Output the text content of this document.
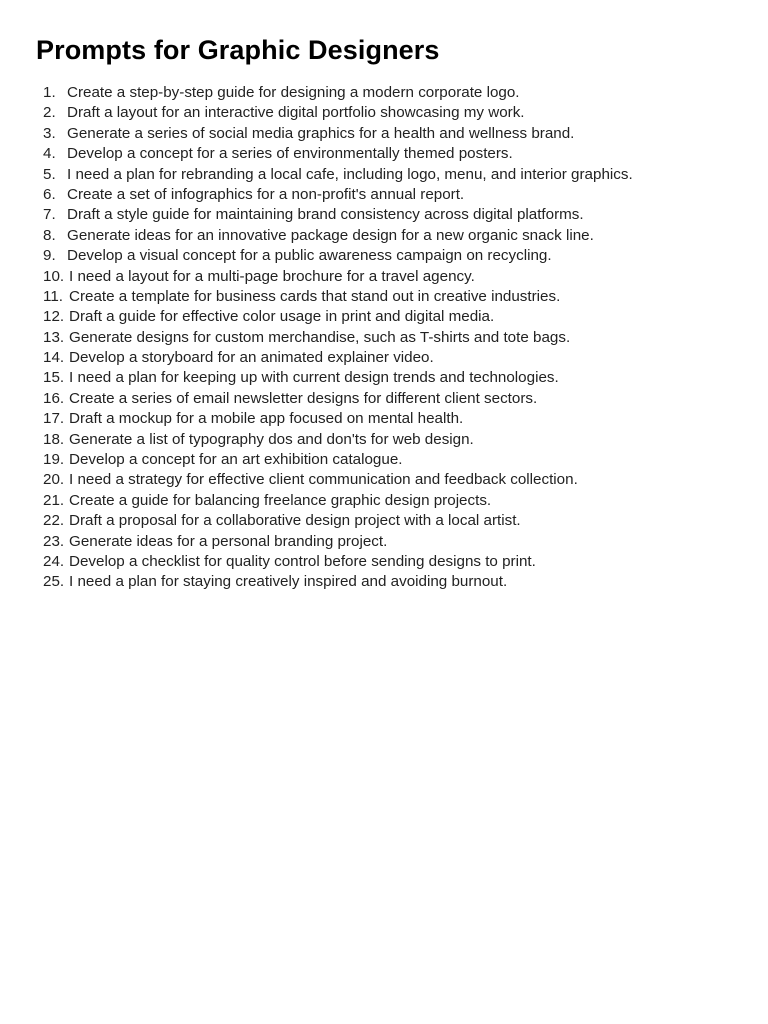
Prompts for Graphic Designers
1. Create a step-by-step guide for designing a modern corporate logo.
2. Draft a layout for an interactive digital portfolio showcasing my work.
3. Generate a series of social media graphics for a health and wellness brand.
4. Develop a concept for a series of environmentally themed posters.
5. I need a plan for rebranding a local cafe, including logo, menu, and interior graphics.
6. Create a set of infographics for a non-profit's annual report.
7. Draft a style guide for maintaining brand consistency across digital platforms.
8. Generate ideas for an innovative package design for a new organic snack line.
9. Develop a visual concept for a public awareness campaign on recycling.
10. I need a layout for a multi-page brochure for a travel agency.
11. Create a template for business cards that stand out in creative industries.
12. Draft a guide for effective color usage in print and digital media.
13. Generate designs for custom merchandise, such as T-shirts and tote bags.
14. Develop a storyboard for an animated explainer video.
15. I need a plan for keeping up with current design trends and technologies.
16. Create a series of email newsletter designs for different client sectors.
17. Draft a mockup for a mobile app focused on mental health.
18. Generate a list of typography dos and don'ts for web design.
19. Develop a concept for an art exhibition catalogue.
20. I need a strategy for effective client communication and feedback collection.
21. Create a guide for balancing freelance graphic design projects.
22. Draft a proposal for a collaborative design project with a local artist.
23. Generate ideas for a personal branding project.
24. Develop a checklist for quality control before sending designs to print.
25. I need a plan for staying creatively inspired and avoiding burnout.
